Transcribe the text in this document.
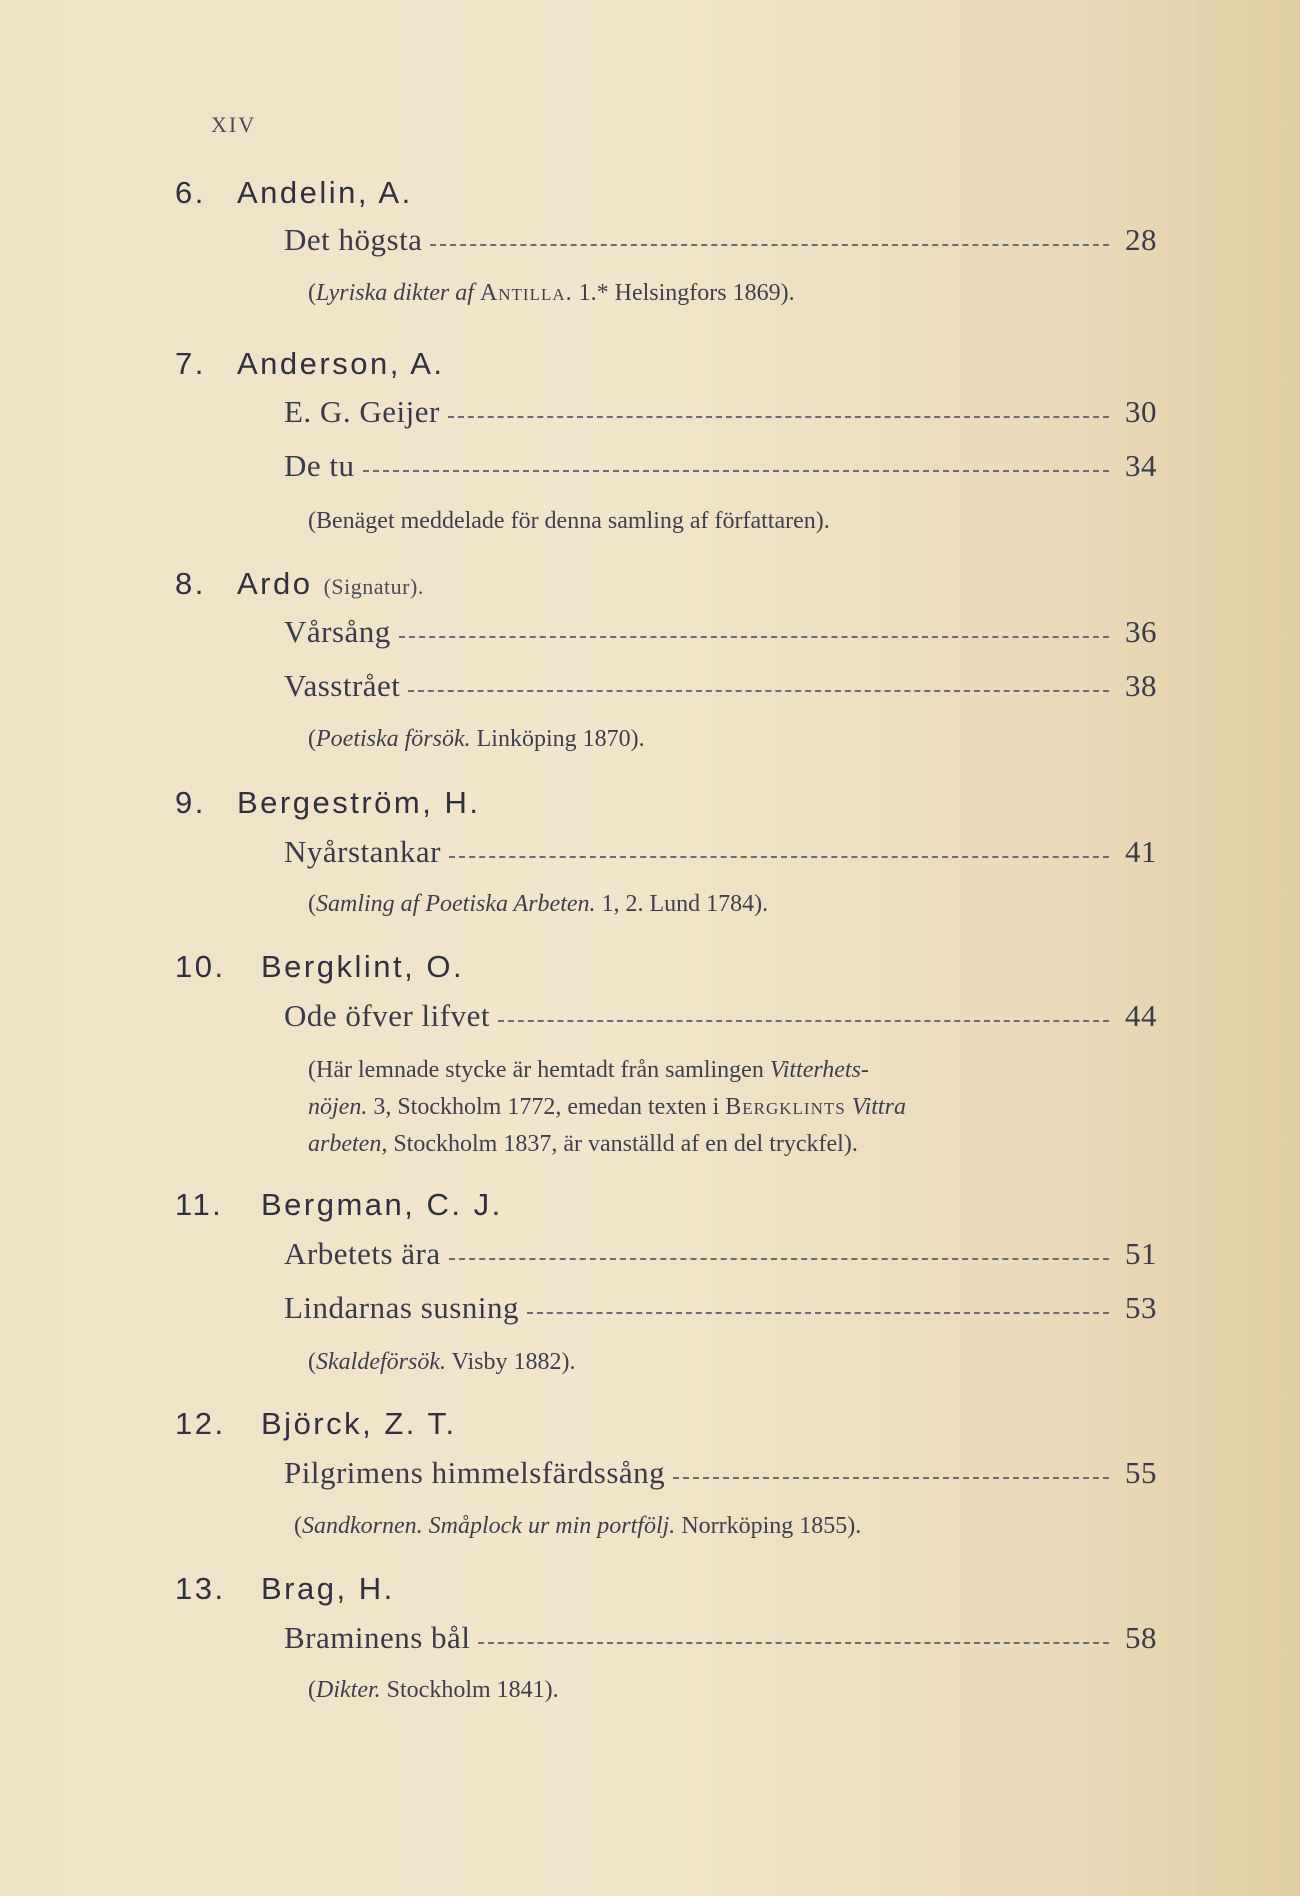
XIV
6. Andelin, A.
Det högsta	28
(Lyriska dikter af Antilla. 1.* Helsingfors 1869).
7. Anderson, A.
E. G. Geijer	30
De tu	34
(Benäget meddelade för denna samling af författaren).
8. Ardo (Signatur).
Vårsång	36
Vasstrået	38
(Poetiska försök. Linköping 1870).
9. Bergeström, H.
Nyårstankar	41
(Samling af Poetiska Arbeten. 1, 2. Lund 1784).
10. Bergklint, O.
Ode öfver lifvet	44
(Här lemnade stycke är hemtadt från samlingen Vitterhets-
nöjen. 3, Stockholm 1772, emedan texten i Bergklints Vittra
arbeten, Stockholm 1837, är vanställd af en del tryckfel).
11. Bergman, C. J.
Arbetets ära	51
Lindarnas susning	53
(Skaldeförsök. Visby 1882).
12. Björck, Z. T.
Pilgrimens himmelsfärdssång	55
(Sandkornen. Småplock ur min portfölj. Norrköping 1855).
13. Brag, H.
Braminens bål	58
(Dikter. Stockholm 1841).
